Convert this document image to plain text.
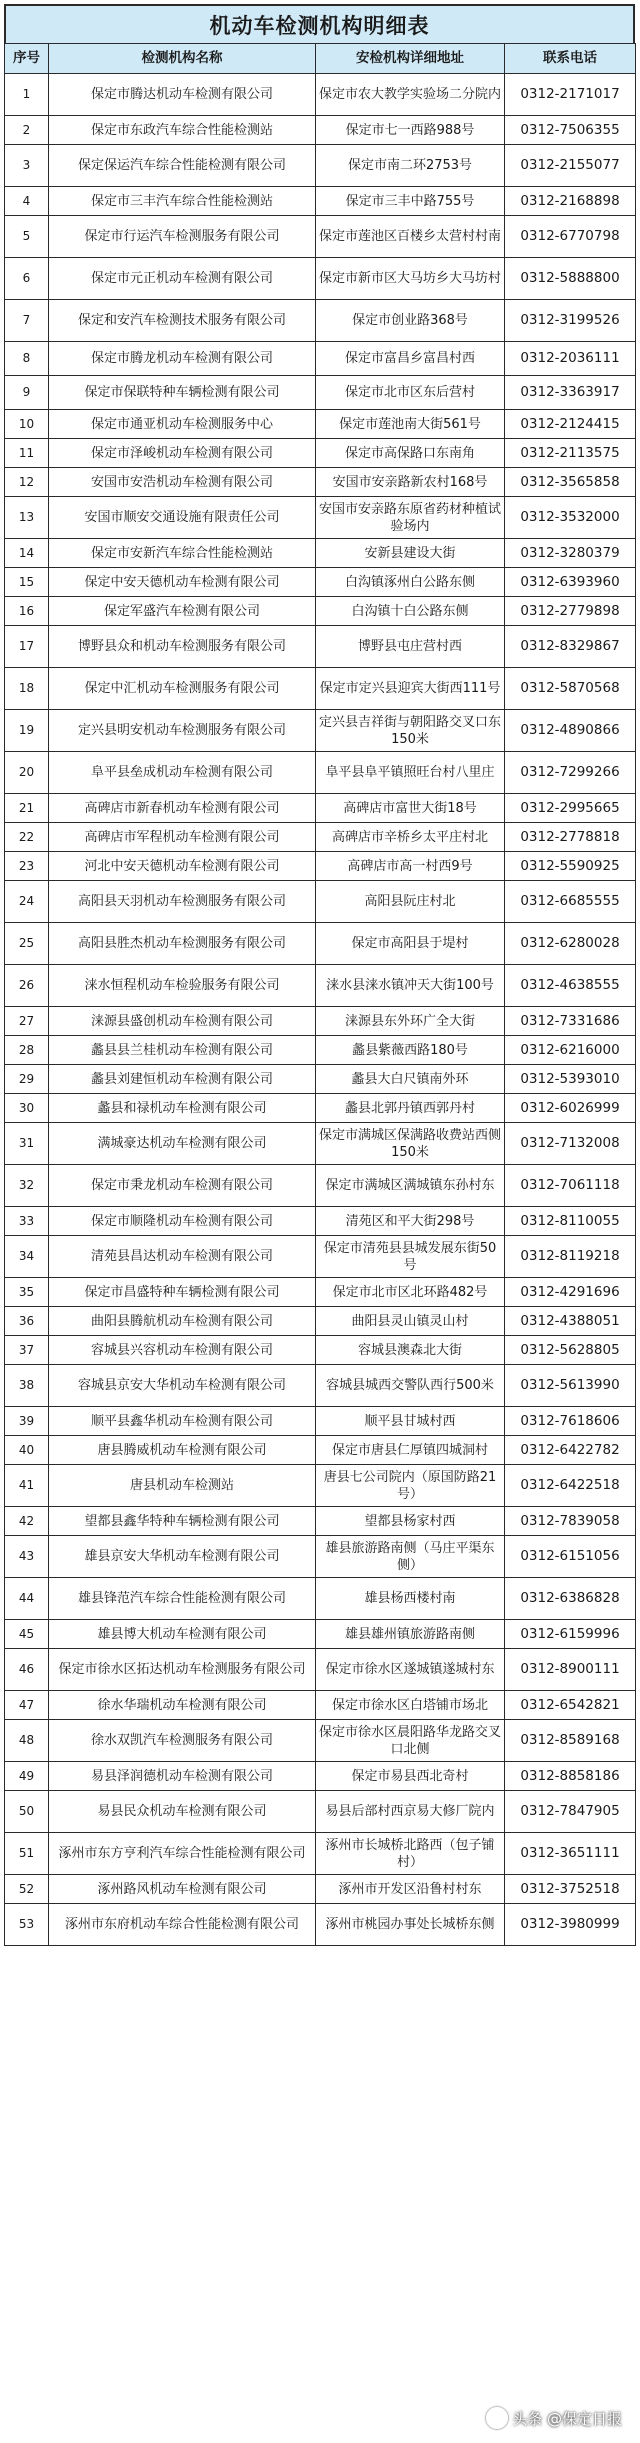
机动车检测机构明细表
序号	检测机构名称	安检机构详细地址	联系电话
1	保定市腾达机动车检测有限公司	保定市农大教学实验场二分院内	0312-2171017
2	保定市东政汽车综合性能检测站	保定市七一西路988号	0312-7506355
3	保定保运汽车综合性能检测有限公司	保定市南二环2753号	0312-2155077
4	保定市三丰汽车综合性能检测站	保定市三丰中路755号	0312-2168898
5	保定市行运汽车检测服务有限公司	保定市莲池区百楼乡太营村村南	0312-6770798
6	保定市元正机动车检测有限公司	保定市新市区大马坊乡大马坊村	0312-5888800
7	保定和安汽车检测技术服务有限公司	保定市创业路368号	0312-3199526
8	保定市腾龙机动车检测有限公司	保定市富昌乡富昌村西	0312-2036111
9	保定市保联特种车辆检测有限公司	保定市北市区东后营村	0312-3363917
10	保定市通亚机动车检测服务中心	保定市莲池南大街561号	0312-2124415
11	保定市泽峻机动车检测有限公司	保定市高保路口东南角	0312-2113575
12	安国市安浩机动车检测有限公司	安国市安亲路新农村168号	0312-3565858
13	安国市顺安交通设施有限责任公司	安国市安亲路东原省药材种植试验场内	0312-3532000
14	保定市安新汽车综合性能检测站	安新县建设大街	0312-3280379
15	保定中安天德机动车检测有限公司	白沟镇涿州白公路东侧	0312-6393960
16	保定军盛汽车检测有限公司	白沟镇十白公路东侧	0312-2779898
17	博野县众和机动车检测服务有限公司	博野县屯庄营村西	0312-8329867
18	保定中汇机动车检测服务有限公司	保定市定兴县迎宾大街西111号	0312-5870568
19	定兴县明安机动车检测服务有限公司	定兴县吉祥街与朝阳路交叉口东150米	0312-4890866
20	阜平县垒成机动车检测有限公司	阜平县阜平镇照旺台村八里庄	0312-7299266
21	高碑店市新春机动车检测有限公司	高碑店市富世大街18号	0312-2995665
22	高碑店市军程机动车检测有限公司	高碑店市辛桥乡太平庄村北	0312-2778818
23	河北中安天德机动车检测有限公司	高碑店市高一村西9号	0312-5590925
24	高阳县天羽机动车检测服务有限公司	高阳县阮庄村北	0312-6685555
25	高阳县胜杰机动车检测服务有限公司	保定市高阳县于堤村	0312-6280028
26	涞水恒程机动车检验服务有限公司	涞水县涞水镇冲天大街100号	0312-4638555
27	涞源县盛创机动车检测有限公司	涞源县东外环广全大街	0312-7331686
28	蠡县县兰桂机动车检测有限公司	蠡县紫薇西路180号	0312-6216000
29	蠡县刘建恒机动车检测有限公司	蠡县大白尺镇南外环	0312-5393010
30	蠡县和禄机动车检测有限公司	蠡县北郭丹镇西郭丹村	0312-6026999
31	满城豪达机动车检测有限公司	保定市满城区保满路收费站西侧150米	0312-7132008
32	保定市秉龙机动车检测有限公司	保定市满城区满城镇东孙村东	0312-7061118
33	保定市顺隆机动车检测有限公司	清苑区和平大街298号	0312-8110055
34	清苑县昌达机动车检测有限公司	保定市清苑县县城发展东街50号	0312-8119218
35	保定市昌盛特种车辆检测有限公司	保定市北市区北环路482号	0312-4291696
36	曲阳县腾航机动车检测有限公司	曲阳县灵山镇灵山村	0312-4388051
37	容城县兴容机动车检测有限公司	容城县澳森北大街	0312-5628805
38	容城县京安大华机动车检测有限公司	容城县城西交警队西行500米	0312-5613990
39	顺平县鑫华机动车检测有限公司	顺平县甘城村西	0312-7618606
40	唐县腾威机动车检测有限公司	保定市唐县仁厚镇四城洞村	0312-6422782
41	唐县机动车检测站	唐县七公司院内（原国防路21号）	0312-6422518
42	望都县鑫华特种车辆检测有限公司	望都县杨家村西	0312-7839058
43	雄县京安大华机动车检测有限公司	雄县旅游路南侧（马庄平渠东侧）	0312-6151056
44	雄县锋范汽车综合性能检测有限公司	雄县杨西楼村南	0312-6386828
45	雄县博大机动车检测有限公司	雄县雄州镇旅游路南侧	0312-6159996
46	保定市徐水区拓达机动车检测服务有限公司	保定市徐水区遂城镇遂城村东	0312-8900111
47	徐水华瑞机动车检测有限公司	保定市徐水区白塔铺市场北	0312-6542821
48	徐水双凯汽车检测服务有限公司	保定市徐水区晨阳路华龙路交叉口北侧	0312-8589168
49	易县泽润德机动车检测有限公司	保定市易县西北奇村	0312-8858186
50	易县民众机动车检测有限公司	易县后部村西京易大修厂院内	0312-7847905
51	涿州市东方亨利汽车综合性能检测有限公司	涿州市长城桥北路西（包子铺村）	0312-3651111
52	涿州路风机动车检测有限公司	涿州市开发区沿鲁村村东	0312-3752518
53	涿州市东府机动车综合性能检测有限公司	涿州市桃园办事处长城桥东侧	0312-3980999
头条 @保定日报
